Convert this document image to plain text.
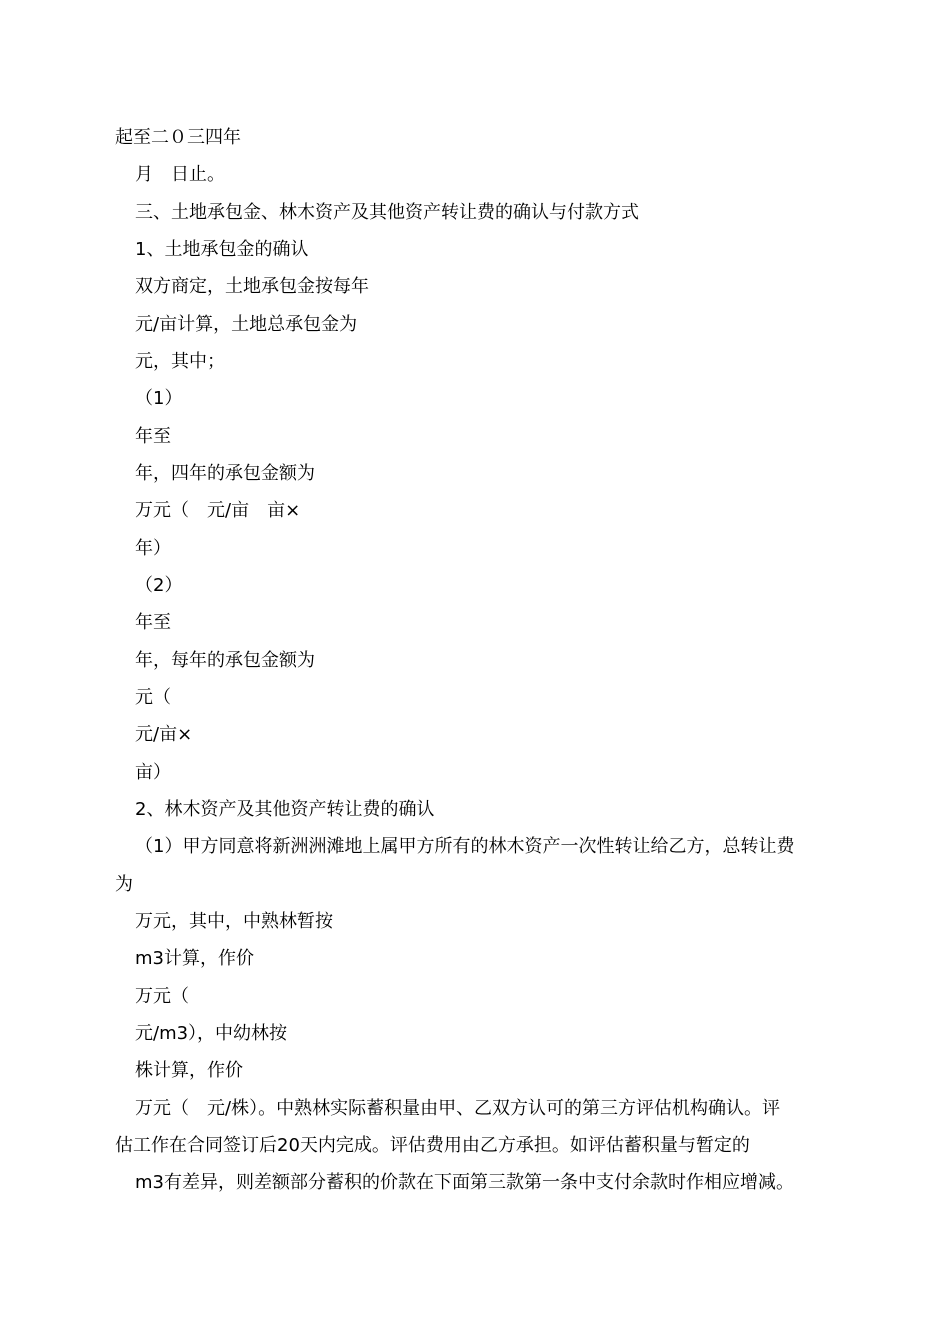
起至二０三四年
月　日止。
三、土地承包金、林木资产及其他资产转让费的确认与付款方式
1、土地承包金的确认
双方商定，土地承包金按每年
元/亩计算，土地总承包金为
元，其中；
（1）
年至
年，四年的承包金额为
万元（　元/亩　亩×
年）
（2）
年至
年，每年的承包金额为
元（
元/亩×
亩）
2、林木资产及其他资产转让费的确认
（1）甲方同意将新洲洲滩地上属甲方所有的林木资产一次性转让给乙方，总转让费
为
万元，其中，中熟林暂按
m3计算，作价
万元（
元/m3），中幼林按
株计算，作价
万元（　元/株）。中熟林实际蓄积量由甲、乙双方认可的第三方评估机构确认。评
估工作在合同签订后20天内完成。评估费用由乙方承担。如评估蓄积量与暂定的
m3有差异，则差额部分蓄积的价款在下面第三款第一条中支付余款时作相应增减。
